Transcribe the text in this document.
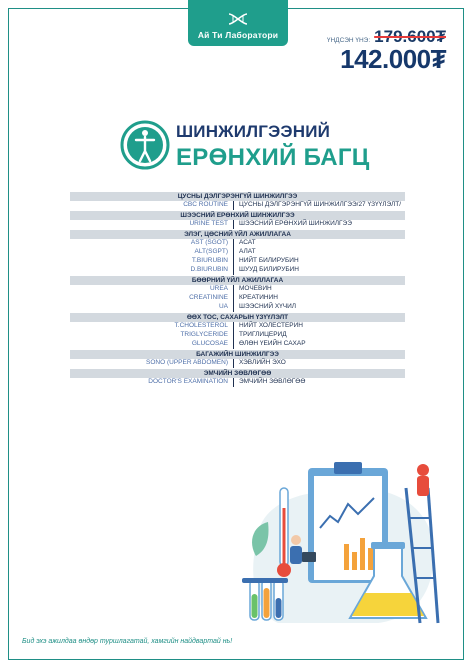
Ай Ти Лаборатори
ҮНДСЭН ҮНЭ: 179.600₮
142.000₮
ШИНЖИЛГЭЭНИЙ
ЕРӨНХИЙ БАГЦ
ЦУСНЫ ДЭЛГЭРЭНГҮЙ ШИНЖИЛГЭЭ
CBC ROUTINE	ЦУСНЫ ДЭЛГЭРЭНГҮЙ ШИНЖИЛГЭЭ/27 ҮЗҮҮЛЭЛТ/
ШЭЭСНИЙ ЕРӨНХИЙ ШИНЖИЛГЭЭ
URINE TEST	ШЭЭСНИЙ ЕРӨНХИЙ ШИНЖИЛГЭЭ
ЭЛЭГ, ЦӨСНИЙ ҮЙЛ АЖИЛЛАГАА
AST (SGOT)	АСАТ
ALT(SGPT)	АЛАТ
T.BIURUBIN	НИЙТ БИЛИРУБИН
D.BIURUBIN	ШУУД БИЛИРУБИН
БӨӨРНИЙ ҮЙЛ АЖИЛЛАГАА
UREA	МОЧЕВИН
CREATININE	КРЕАТИНИН
UA	ШЭЭСНИЙ ХҮЧИЛ
ӨӨХ ТОС, САХАРЫН ҮЗҮҮЛЭЛТ
T.CHOLESTEROL	НИЙТ ХОЛЕСТЕРИН
TRIGLYCERIDE	ТРИГЛИЦЕРИД
GLUCOSAE	ӨЛӨН ҮЕИЙН САХАР
БАГАЖИЙН ШИНЖИЛГЭЭ
SONO (UPPER ABDOMEN)	ХЭВЛИЙН ЭХО
ЭМЧИЙН ЗӨВЛӨГӨӨ
DOCTOR'S EXAMINATION	ЭМЧИЙН ЗӨВЛӨГӨӨ
Бид эхэ ажилдаа өндөр туршлагатай, хамгийн найдвартай нь!
